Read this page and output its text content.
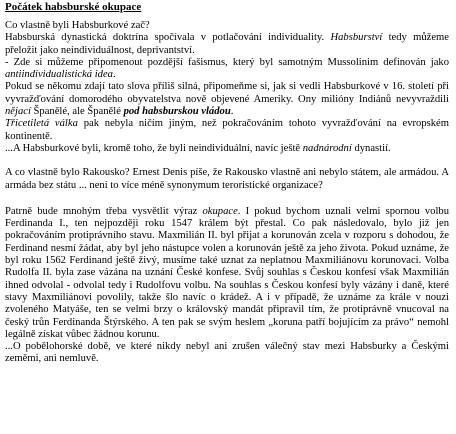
Počátek habsburské okupace

Co vlastně byli Habsburkové zač?

Habsburská dynastická doktrína spočívala v potlačování individuality. Habsburství tedy můžeme přeložit jako neindividuálnost, deprivantství.

- Zde si můžeme připomenout pozdější fašismus, který byl samotným Mussolinim definován jako antiindividualistická idea.

Pokud se někomu zdají tato slova příliš silná, připomeňme si, jak si vedli Habsburkové v 16. století při vyvražďování domorodého obyvatelstva nově objevené Ameriky. Ony milióny Indiánů nevyvraždili nějací Španělé, ale Španělé pod habsburskou vládou.

Třicetiletá válka pak nebyla ničím jiným, než pokračováním tohoto vyvražďování na evropském kontinentě.

...A Habsburkové byli, kromě toho, že byli neindividuální, navíc ještě nadnárodní dynastií.

A co vlastně bylo Rakousko? Ernest Denis píše, že Rakousko vlastně ani nebylo státem, ale armádou. A armáda bez státu ... není to více méně synonymum teroristické organizace?

Patrně bude mnohým třeba vysvětlit výraz okupace. I pokud bychom uznali velmi spornou volbu Ferdinanda I., ten nejpozději roku 1547 králem být přestal. Co pak následovalo, bylo již jen pokračováním protiprávního stavu. Maxmilián II. byl přijat a korunován zcela v rozporu s dohodou, že Ferdinand nesmí žádat, aby byl jeho nástupce volen a korunován ještě za jeho života. Pokud uznáme, že byl roku 1562 Ferdinand ještě živý, musíme také uznat za neplatnou Maxmiliánovu korunovaci. Volba Rudolfa II. byla zase vázána na uznání České konfese. Svůj souhlas s Českou konfesí však Maxmilián ihned odvolal - odvolal tedy i Rudolfovu volbu. Na souhlas s Českou konfesí byly vázány i daně, které stavy Maxmiliánovi povolily, takže šlo navíc o krádež. A i v případě, že uznáme za krále v nouzi zvoleného Matyáše, ten se velmi brzy o královský mandát připravil tím, že protiprávně vnucoval na český trůn Ferdinanda Štýrského. A ten pak se svým heslem „koruna patří bojujícím za právo“ nemohl legálně získat vůbec žádnou korunu.

...O pobělohorské době, ve které nikdy nebyl ani zrušen válečný stav mezi Habsburky a Českými zeměmi, ani nemluvě.
